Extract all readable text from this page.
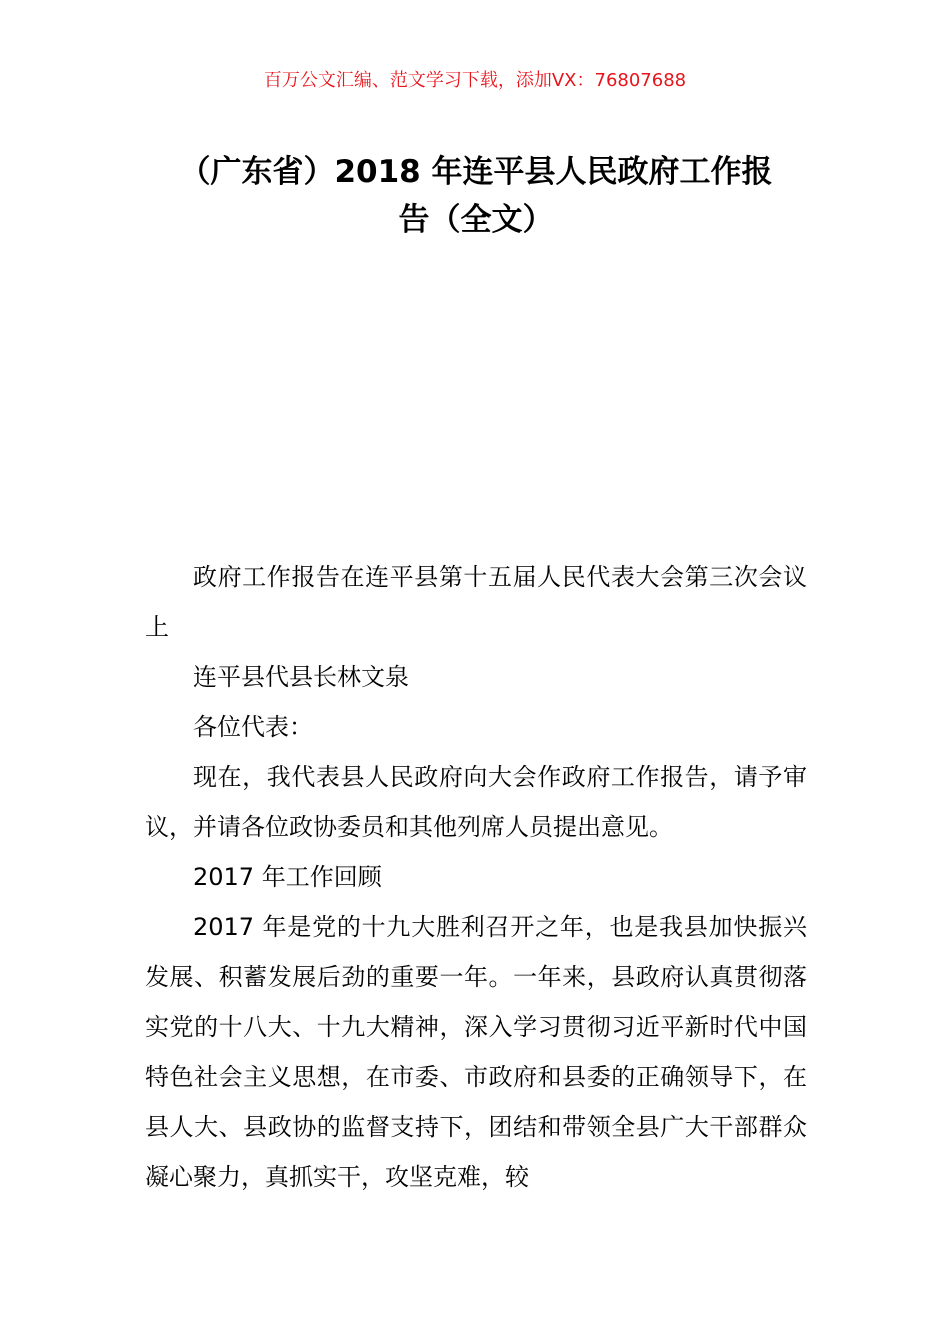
百万公文汇编、范文学习下载，添加VX：76807688
（广东省）2018 年连平县人民政府工作报
告（全文）

政府工作报告在连平县第十五届人民代表大会第三次会议上

连平县代县长林文泉

各位代表：

现在，我代表县人民政府向大会作政府工作报告，请予审议，并请各位政协委员和其他列席人员提出意见。

2017 年工作回顾

2017 年是党的十九大胜利召开之年，也是我县加快振兴发展、积蓄发展后劲的重要一年。一年来，县政府认真贯彻落实党的十八大、十九大精神，深入学习贯彻习近平新时代中国特色社会主义思想，在市委、市政府和县委的正确领导下，在县人大、县政协的监督支持下，团结和带领全县广大干部群众凝心聚力，真抓实干，攻坚克难，较
